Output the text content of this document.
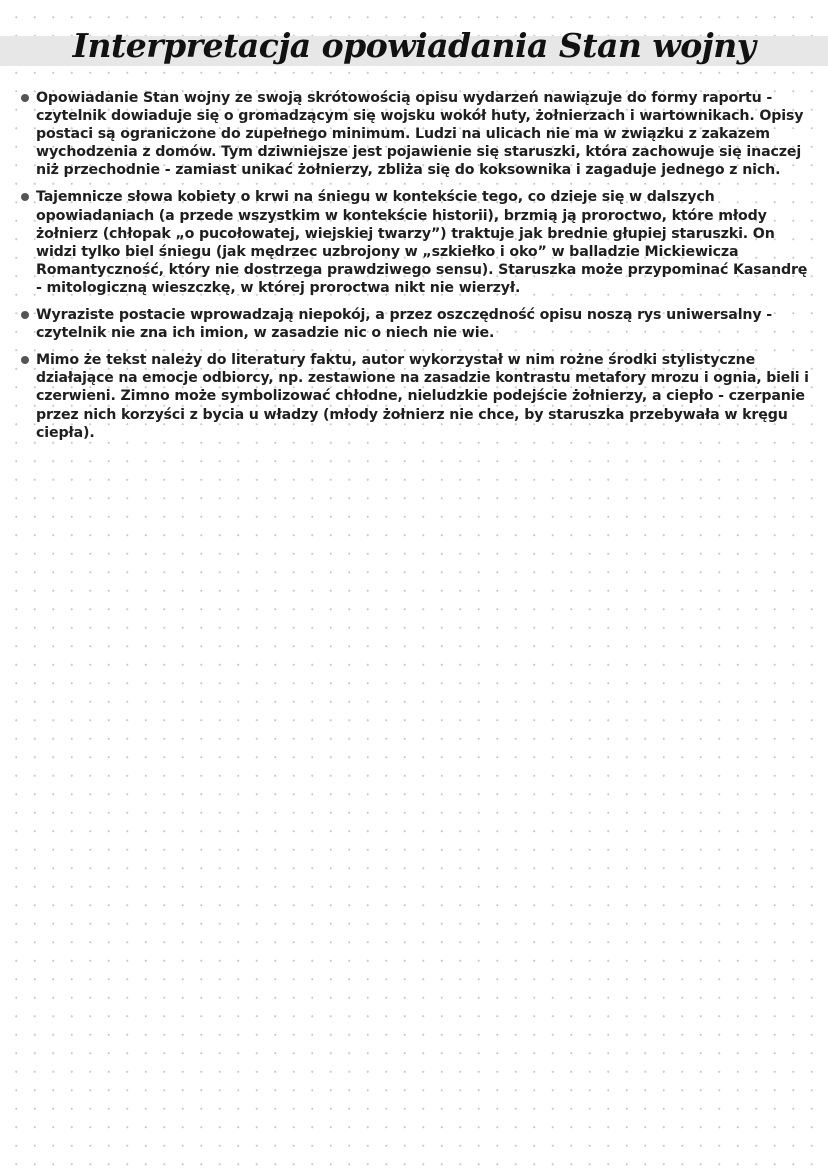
Interpretacja opowiadania Stan wojny
Opowiadanie Stan wojny ze swoją skrótowością opisu wydarzeń nawiązuje do formy raportu -
czytelnik dowiaduje się o gromadzącym się wojsku wokół huty, żołnierzach i wartownikach. Opisy
postaci są ograniczone do zupełnego minimum. Ludzi na ulicach nie ma w związku z zakazem
wychodzenia z domów. Tym dziwniejsze jest pojawienie się staruszki, która zachowuje się inaczej
niż przechodnie - zamiast unikać żołnierzy, zbliża się do koksownika i zagaduje jednego z nich.
Tajemnicze słowa kobiety o krwi na śniegu w kontekście tego, co dzieje się w dalszych
opowiadaniach (a przede wszystkim w kontekście historii), brzmią ją proroctwo, które młody
żołnierz (chłopak „o pucołowatej, wiejskiej twarzy”) traktuje jak brednie głupiej staruszki. On
widzi tylko biel śniegu (jak mędrzec uzbrojony w „szkiełko i oko” w balladzie Mickiewicza
Romantyczność, który nie dostrzega prawdziwego sensu). Staruszka może przypominać Kasandrę
- mitologiczną wieszczkę, w której proroctwa nikt nie wierzył.
Wyraziste postacie wprowadzają niepokój, a przez oszczędność opisu noszą rys uniwersalny -
czytelnik nie zna ich imion, w zasadzie nic o niech nie wie.
Mimo że tekst należy do literatury faktu, autor wykorzystał w nim rożne środki stylistyczne
działające na emocje odbiorcy, np. zestawione na zasadzie kontrastu metafory mrozu i ognia, bieli i
czerwieni. Zimno może symbolizować chłodne, nieludzkie podejście żołnierzy, a ciepło - czerpanie
przez nich korzyści z bycia u władzy (młody żołnierz nie chce, by staruszka przebywała w kręgu
ciepła).
